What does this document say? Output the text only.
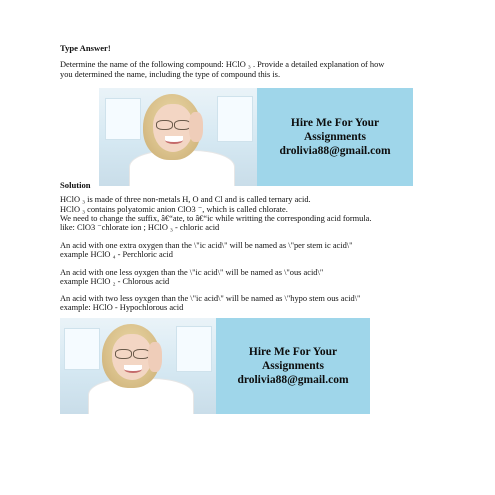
Type Answer!
Determine the name of the following compound: HClO ₃ . Provide a detailed explanation of how
you determined the name, including the type of compound this is.
Hire Me For Your
Assignments
drolivia88@gmail.com
Solution
HClO ₃ is made of three non-metals H, O and Cl and is called ternary acid.
HClO ₃ contains polyatomic anion ClO3 ⁻, which is called chlorate.
We need to change the suffix, â€“ate, to â€“ic while writting the corresponding acid formula.
like: ClO3 ⁻chlorate ion ; HClO ₃ - chloric acid
An acid with one extra oxygen than the \"ic acid\" will be named as \"per stem ic acid\"
example HClO ₄ - Perchloric acid
An acid with one less oyxgen than the \"ic acid\" will be named as \"ous acid\"
example HClO ₂ - Chlorous acid
An acid with two less oyxgen than the \"ic acid\" will be named as \"hypo stem ous acid\"
example: HClO - Hypochlorous acid
Hire Me For Your
Assignments
drolivia88@gmail.com
